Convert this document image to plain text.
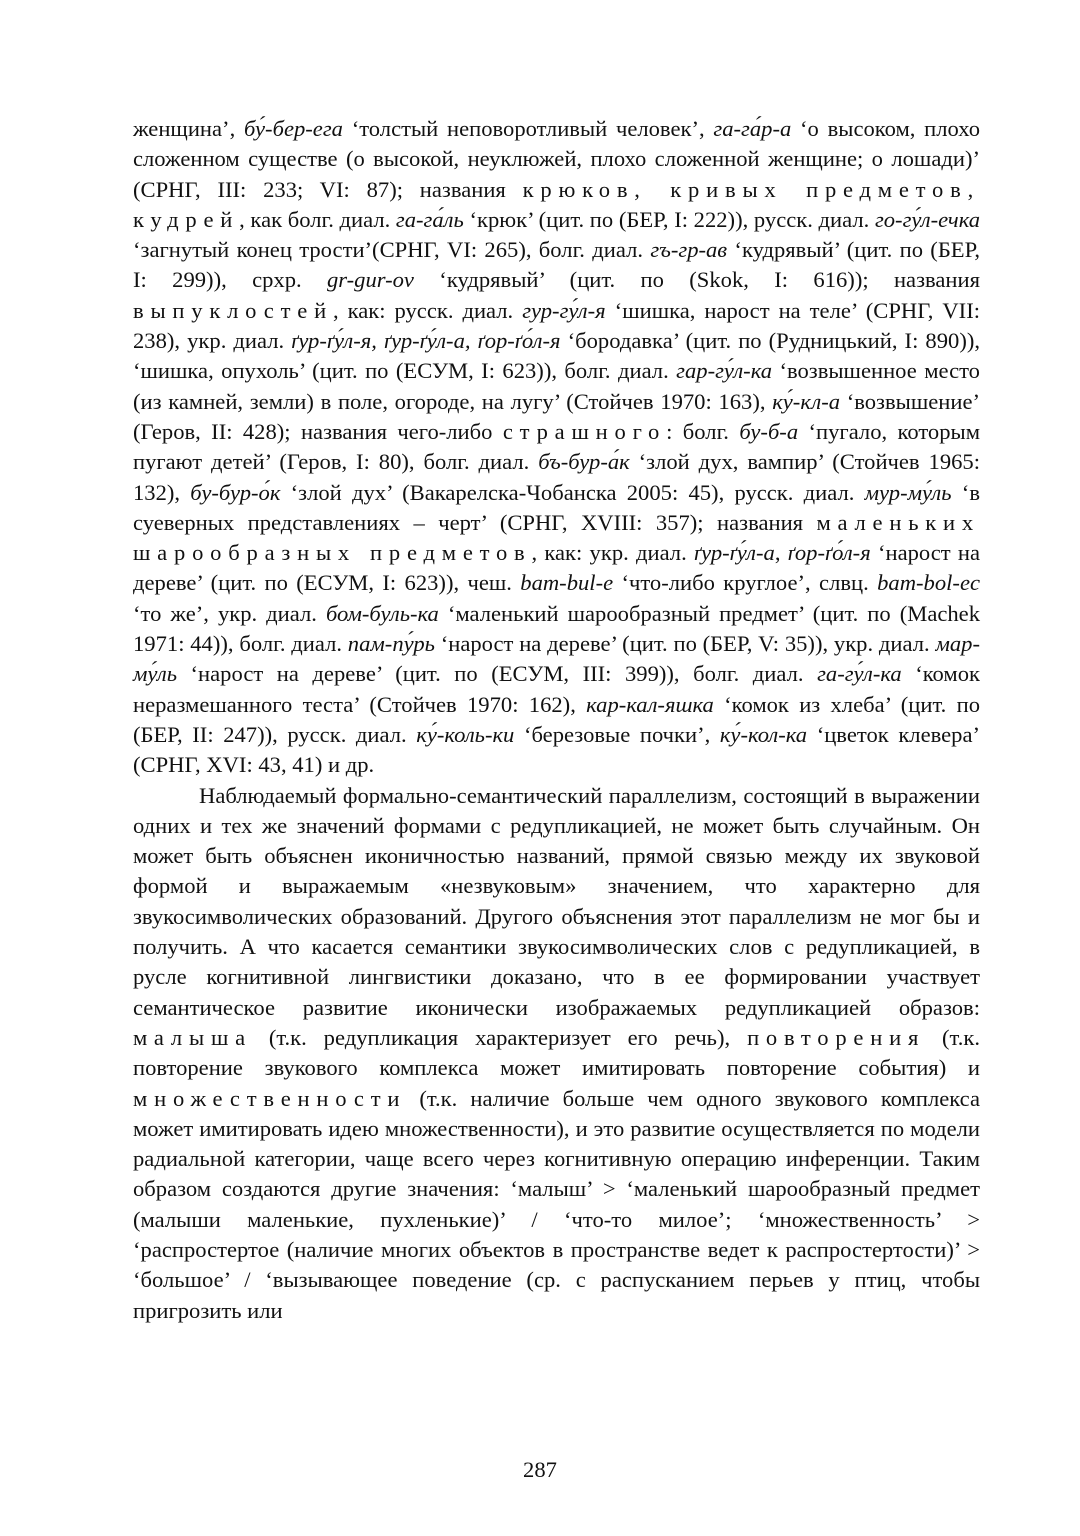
женщина’, бу́-бер-ега ‘толстый неповоротливый человек’, га-га́р-а ‘о высоком, плохо сложенном существе (о высокой, неуклюжей, плохо сложенной женщине; о лошади)’ (СРНГ, III: 233; VI: 87); названия крюков, кривых предметов, кудрей, как болг. диал. га-га́ль ‘крюк’ (цит. по (БЕР, I: 222)), русск. диал. го-гу́л-ечка ‘загнутый конец трости’(СРНГ, VI: 265), болг. диал. гъ-гр-ав ‘кудрявый’ (цит. по (БЕР, I: 299)), срхр. gr-gur-ov ‘кудрявый’ (цит. по (Skok, I: 616)); названия выпуклостей, как: русск. диал. гур-гу́л-я ‘шишка, нарост на теле’ (СРНГ, VII: 238), укр. диал. ґур-ґу́л-я, ґур-ґу́л-а, ґор-ґо́л-я ‘бородавка’ (цит. по (Рудницький, I: 890)), ‘шишка, опухоль’ (цит. по (ЕСУМ, I: 623)), болг. диал. гар-гу́л-ка ‘возвышенное место (из камней, земли) в поле, огороде, на лугу’ (Стойчев 1970: 163), ку́-кл-а ‘возвышение’ (Геров, II: 428); названия чего-либо страшного: болг. бу-б-а ‘пугало, которым пугают детей’ (Геров, I: 80), болг. диал. бъ-бур-а́к ‘злой дух, вампир’ (Стойчев 1965: 132), бу-бур-о́к ‘злой дух’ (Вакарелска-Чобанска 2005: 45), русск. диал. мур-му́ль ‘в суеверных представлениях – черт’ (СРНГ, XVIII: 357); названия маленьких шарообразных предметов, как: укр. диал. ґур-ґу́л-а, ґор-ґо́л-я ‘нарост на дереве’ (цит. по (ЕСУМ, I: 623)), чеш. bam-bul-e ‘что-либо круглое’, слвц. bam-bol-ec ‘то же’, укр. диал. бом-буль-ка ‘маленький шарообразный предмет’ (цит. по (Machek 1971: 44)), болг. диал. пам-пу́рь ‘нарост на дереве’ (цит. по (БЕР, V: 35)), укр. диал. мар-му́ль ‘нарост на дереве’ (цит. по (ЕСУМ, III: 399)), болг. диал. га-гу́л-ка ‘комок неразмешанного теста’ (Стойчев 1970: 162), кар-кал-яшка ‘комок из хлеба’ (цит. по (БЕР, II: 247)), русск. диал. ку́-коль-ки ‘березовые почки’, ку́-кол-ка ‘цветок клевера’ (СРНГ, XVI: 43, 41) и др.

Наблюдаемый формально-семантический параллелизм, состоящий в выражении одних и тех же значений формами с редупликацией, не может быть случайным. Он может быть объяснен иконичностью названий, прямой связью между их звуковой формой и выражаемым «незвуковым» значением, что характерно для звукосимволических образований. Другого объяснения этот параллелизм не мог бы и получить. А что касается семантики звукосимволических слов с редупликацией, в русле когнитивной лингвистики доказано, что в ее формировании участвует семантическое развитие иконически изображаемых редупликацией образов: малыша (т.к. редупликация характеризует его речь), повторения (т.к. повторение звукового комплекса может имитировать повторение события) и множественности (т.к. наличие больше чем одного звукового комплекса может имитировать идею множественности), и это развитие осуществляется по модели радиальной категории, чаще всего через когнитивную операцию инференции. Таким образом создаются другие значения: ‘малыш’ > ‘маленький шарообразный предмет (малыши маленькие, пухленькие)’ / ‘что-то милое’; ‘множественность’ > ‘распростертое (наличие многих объектов в пространстве ведет к распростертости)’ > ‘большое’ / ‘вызывающее поведение (ср. с распусканием перьев у птиц, чтобы пригрозить или

287
